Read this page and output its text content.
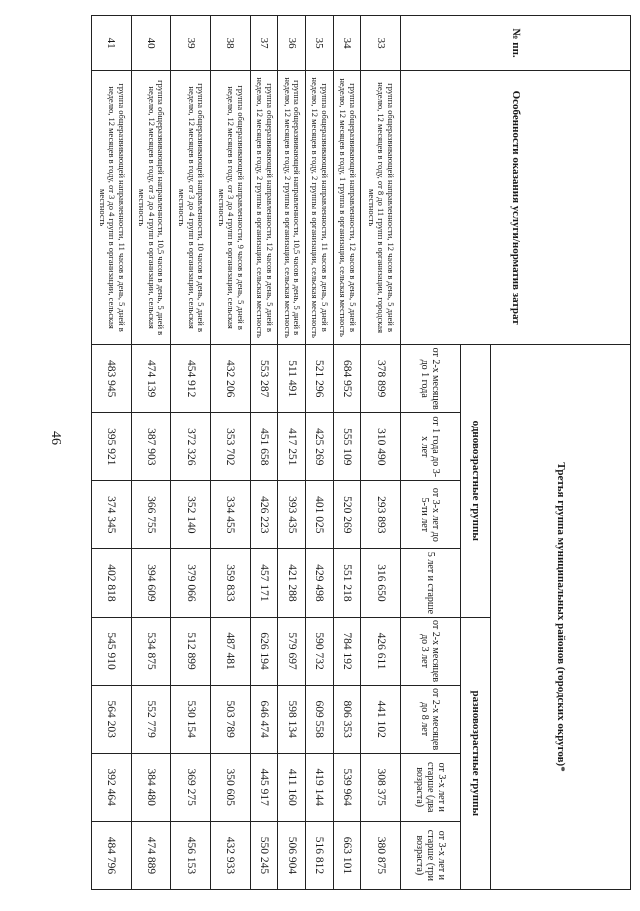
46
№ пп.	Особенности оказания услуги/норматив затрат	Третья группа муниципальных районов (городских округов)*							
		одновозрастные группы				разновозрастные группы			
		от 2-х месяцев до 1 года	от 1 года до 3-х лет	от 3-х лет до 5-ти лет	5 лет и старше	от 2-х месяцев до 3 лет	от 2-х месяцев до 8 лет	от 3-х лет и старше (два возраста)	от 3-х лет и старше (три возраста)
33	группа общеразвивающей направленности, 12 часов в день, 5 дней в неделю, 12 месяцев в году, от 8 до 11 групп в организации, городская местность	378 899	310 490	293 893	316 650	426 611	441 102	308 375	380 875
34	группа общеразвивающей направленности, 12 часов в день, 5 дней в неделю, 12 месяцев в году, 1 группа в организации, сельская местность	684 952	555 109	520 269	551 218	784 192	806 353	539 964	663 101
35	группа общеразвивающей направленности, 11 часов в день, 5 дней в неделю, 12 месяцев в году, 2 группы в организации, сельская местность	521 296	425 269	401 025	429 498	590 732	609 558	419 144	516 812
36	группа общеразвивающей направленности, 10,5 часов в день, 5 дней в неделю, 12 месяцев в году, 2 группы в организации, сельская местность	511 491	417 251	393 435	421 288	579 697	598 134	411 160	506 904
37	группа общеразвивающей направленности, 12 часов в день, 5 дней в неделю, 12 месяцев в году, 2 группы в организации, сельская местность	553 287	451 658	426 223	457 171	626 194	646 474	445 917	550 245
38	группа общеразвивающей направленности, 9 часов в день, 5 дней в неделю, 12 месяцев в году, от 3 до 4 групп в организации, сельская местность	432 206	353 702	334 455	359 833	487 481	503 789	350 605	432 933
39	группа общеразвивающей направленности, 10 часов в день, 5 дней в неделю, 12 месяцев в году, от 3 до 4 групп в организации, сельская местность	454 912	372 326	352 140	379 066	512 899	530 154	369 275	456 153
40	группа общеразвивающей направленности, 10,5 часов в день, 5 дней в неделю, 12 месяцев в году, от 3 до 4 групп в организации, сельская местность	474 139	387 903	366 755	394 609	534 875	552 779	384 480	474 889
41	группа общеразвивающей направленности, 11 часов в день, 5 дней в неделю, 12 месяцев в году, от 3 до 4 групп в организации, сельская местность	483 945	395 921	374 345	402 818	545 910	564 203	392 464	484 796
